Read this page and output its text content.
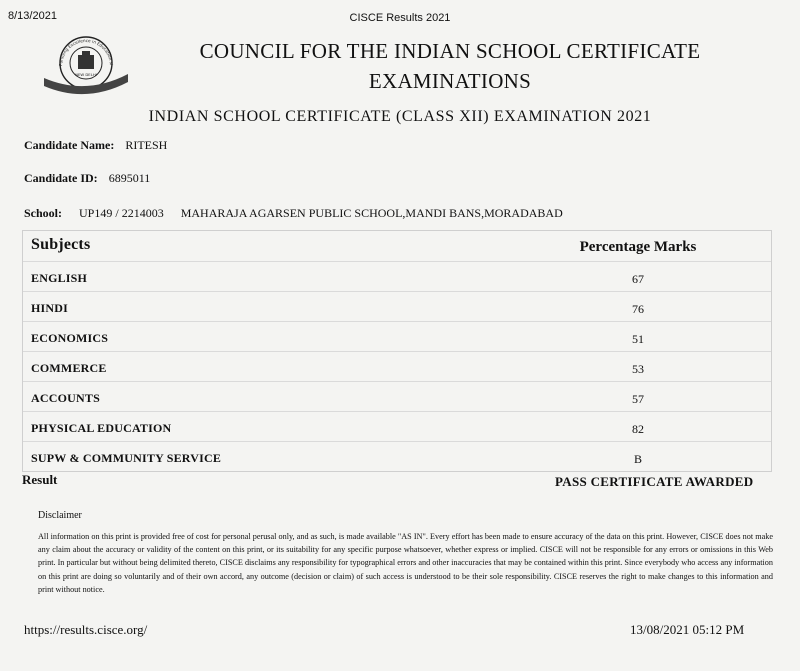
8/13/2021	CISCE Results 2021
Pursuing Excellence in Education si
NEW DELHI
COUNCIL FOR THE INDIAN SCHOOL CERTIFICATE
EXAMINATIONS
INDIAN SCHOOL CERTIFICATE (CLASS XII) EXAMINATION 2021
Candidate Name: RITESH
Candidate ID: 6895011
School: UP149 / 2214003 MAHARAJA AGARSEN PUBLIC SCHOOL,MANDI BANS,MORADABAD
Subjects	Percentage Marks
ENGLISH	67
HINDI	76
ECONOMICS	51
COMMERCE	53
ACCOUNTS	57
PHYSICAL EDUCATION	82
SUPW & COMMUNITY SERVICE	B
Result	PASS CERTIFICATE AWARDED
Disclaimer
All information on this print is provided free of cost for personal perusal only, and as such, is made available "AS IN". Every effort has been made to ensure accuracy of the data on this print. However, CISCE does not make any claim about the accuracy or validity of the content on this print, or its suitability for any specific purpose whatsoever, whether express or implied. CISCE will not be responsible for any errors or omissions in this Web print. In particular but without being delimited thereto, CISCE disclaims any responsibility for typographical errors and other inaccuracies that may be contained within this print. Since everybody who access any information on this print are doing so voluntarily and of their own accord, any outcome (decision or claim) of such access is understood to be their sole responsibility. CISCE reserves the right to make changes to this information and print without notice.
https://results.cisce.org/	13/08/2021 05:12 PM
